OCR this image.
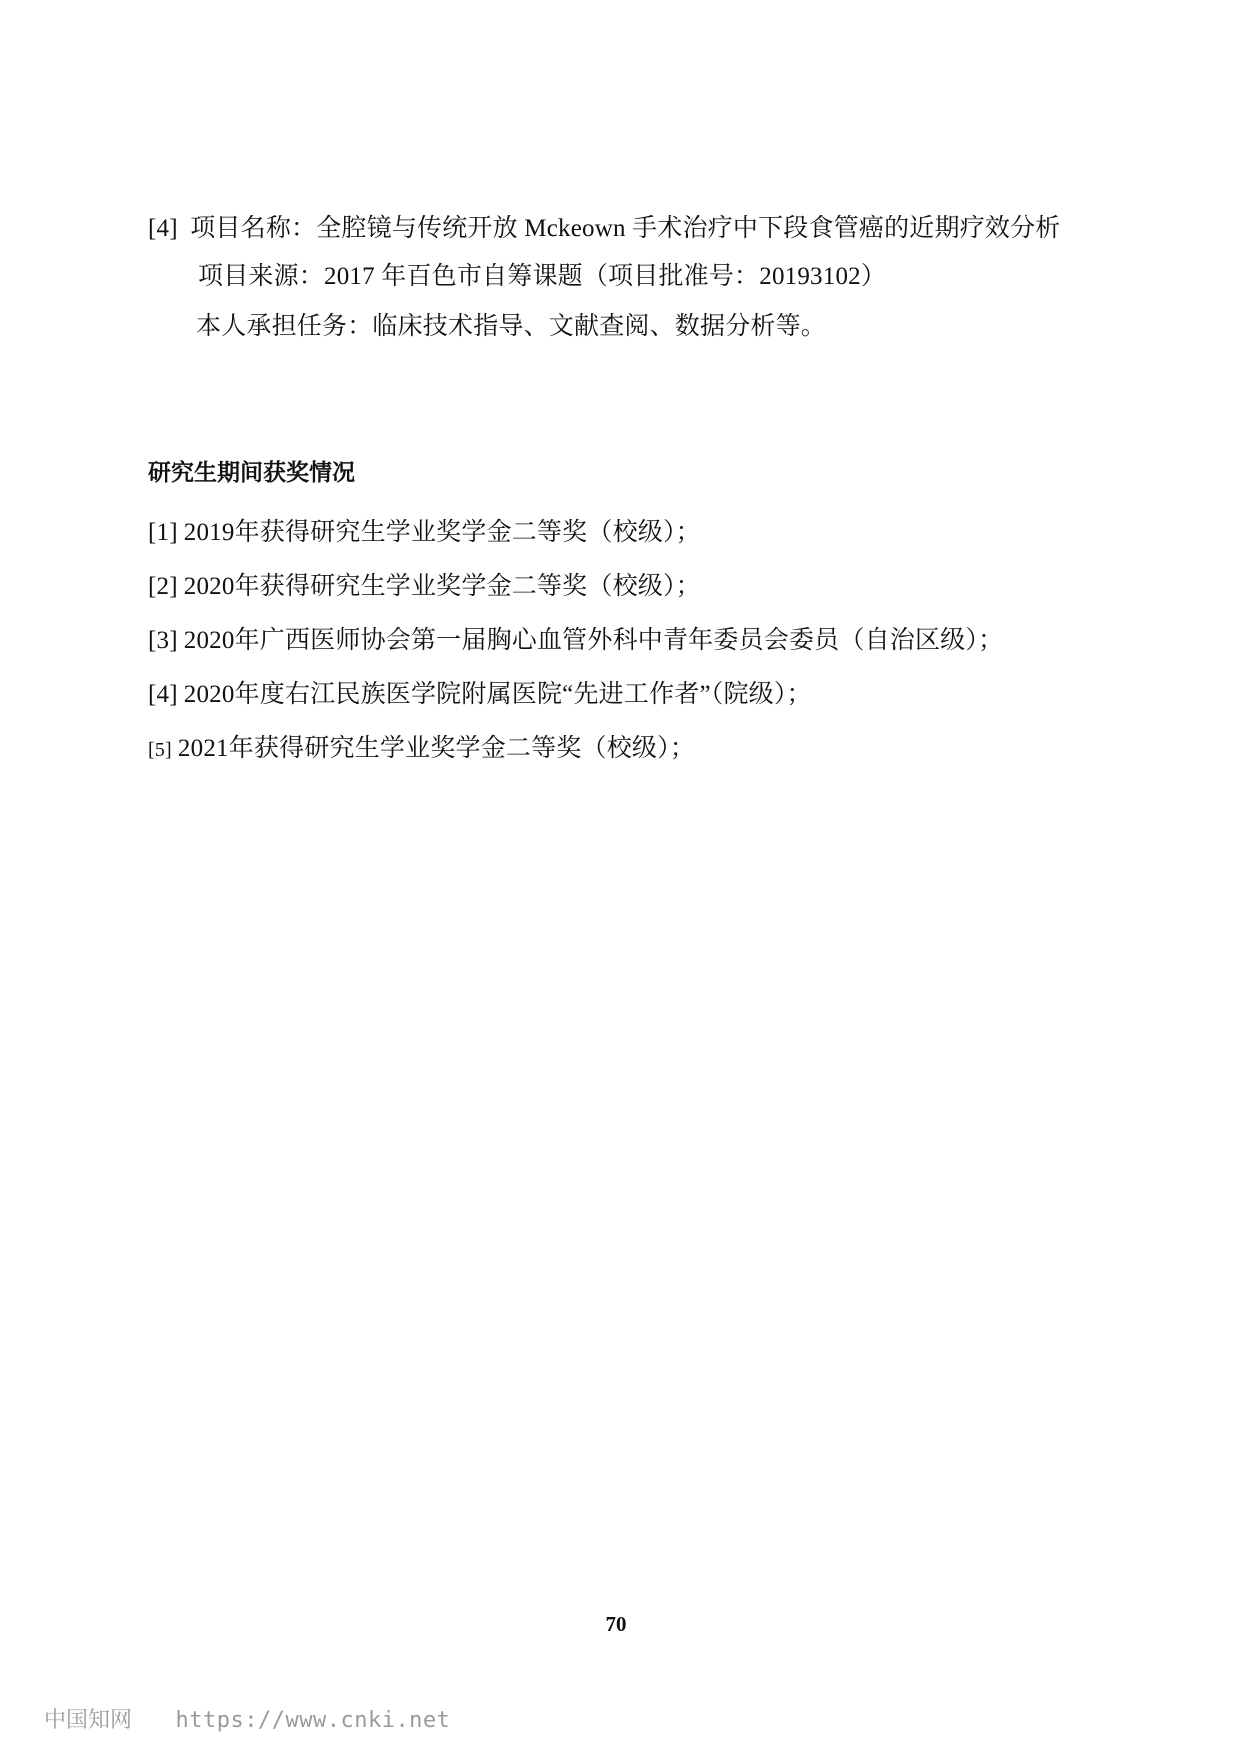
[4] 项目名称：全腔镜与传统开放 Mckeown 手术治疗中下段食管癌的近期疗效分析
项目来源：2017 年百色市自筹课题（项目批准号：20193102）
本人承担任务：临床技术指导、文献查阅、数据分析等。
研究生期间获奖情况
[1] 2019年获得研究生学业奖学金二等奖（校级）；
[2] 2020年获得研究生学业奖学金二等奖（校级）；
[3] 2020年广西医师协会第一届胸心血管外科中青年委员会委员（自治区级）；
[4] 2020年度右江民族医学院附属医院“先进工作者”（院级）；
[5] 2021年获得研究生学业奖学金二等奖（校级）；
70
中国知网 https://www.cnki.net
